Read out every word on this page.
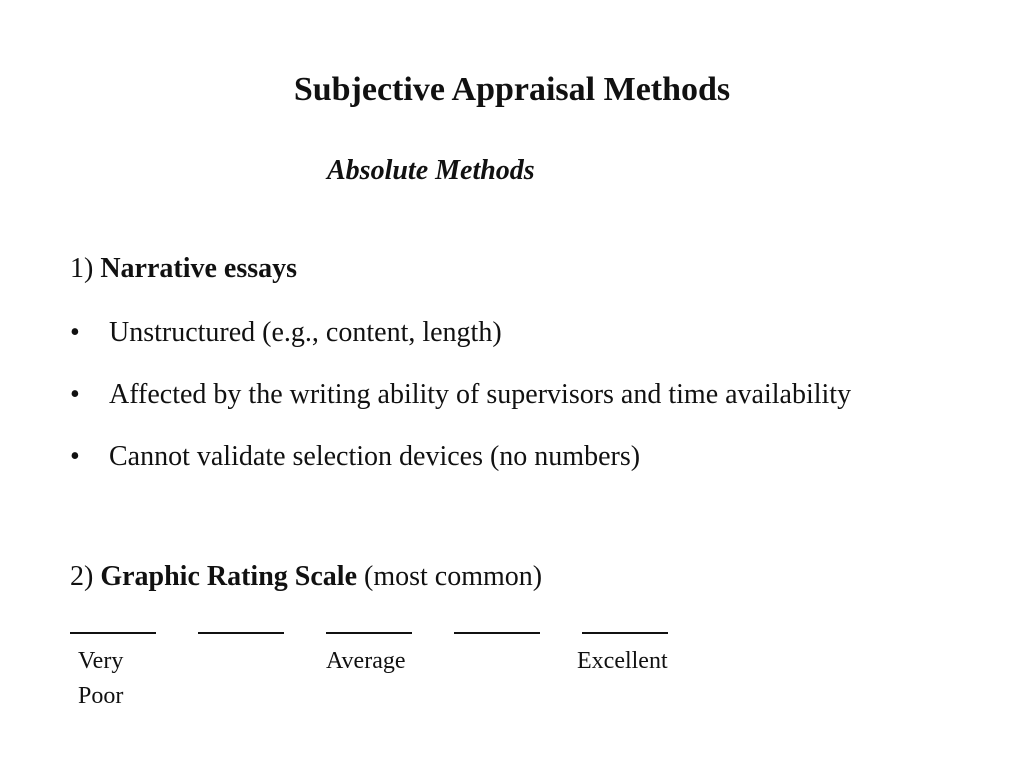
Subjective Appraisal Methods
Absolute Methods
1) Narrative essays
• Unstructured (e.g., content, length)
• Affected by the writing ability of supervisors and time availability
• Cannot validate selection devices (no numbers)
2) Graphic Rating Scale (most common)
Very
Poor
Average	Excellent
